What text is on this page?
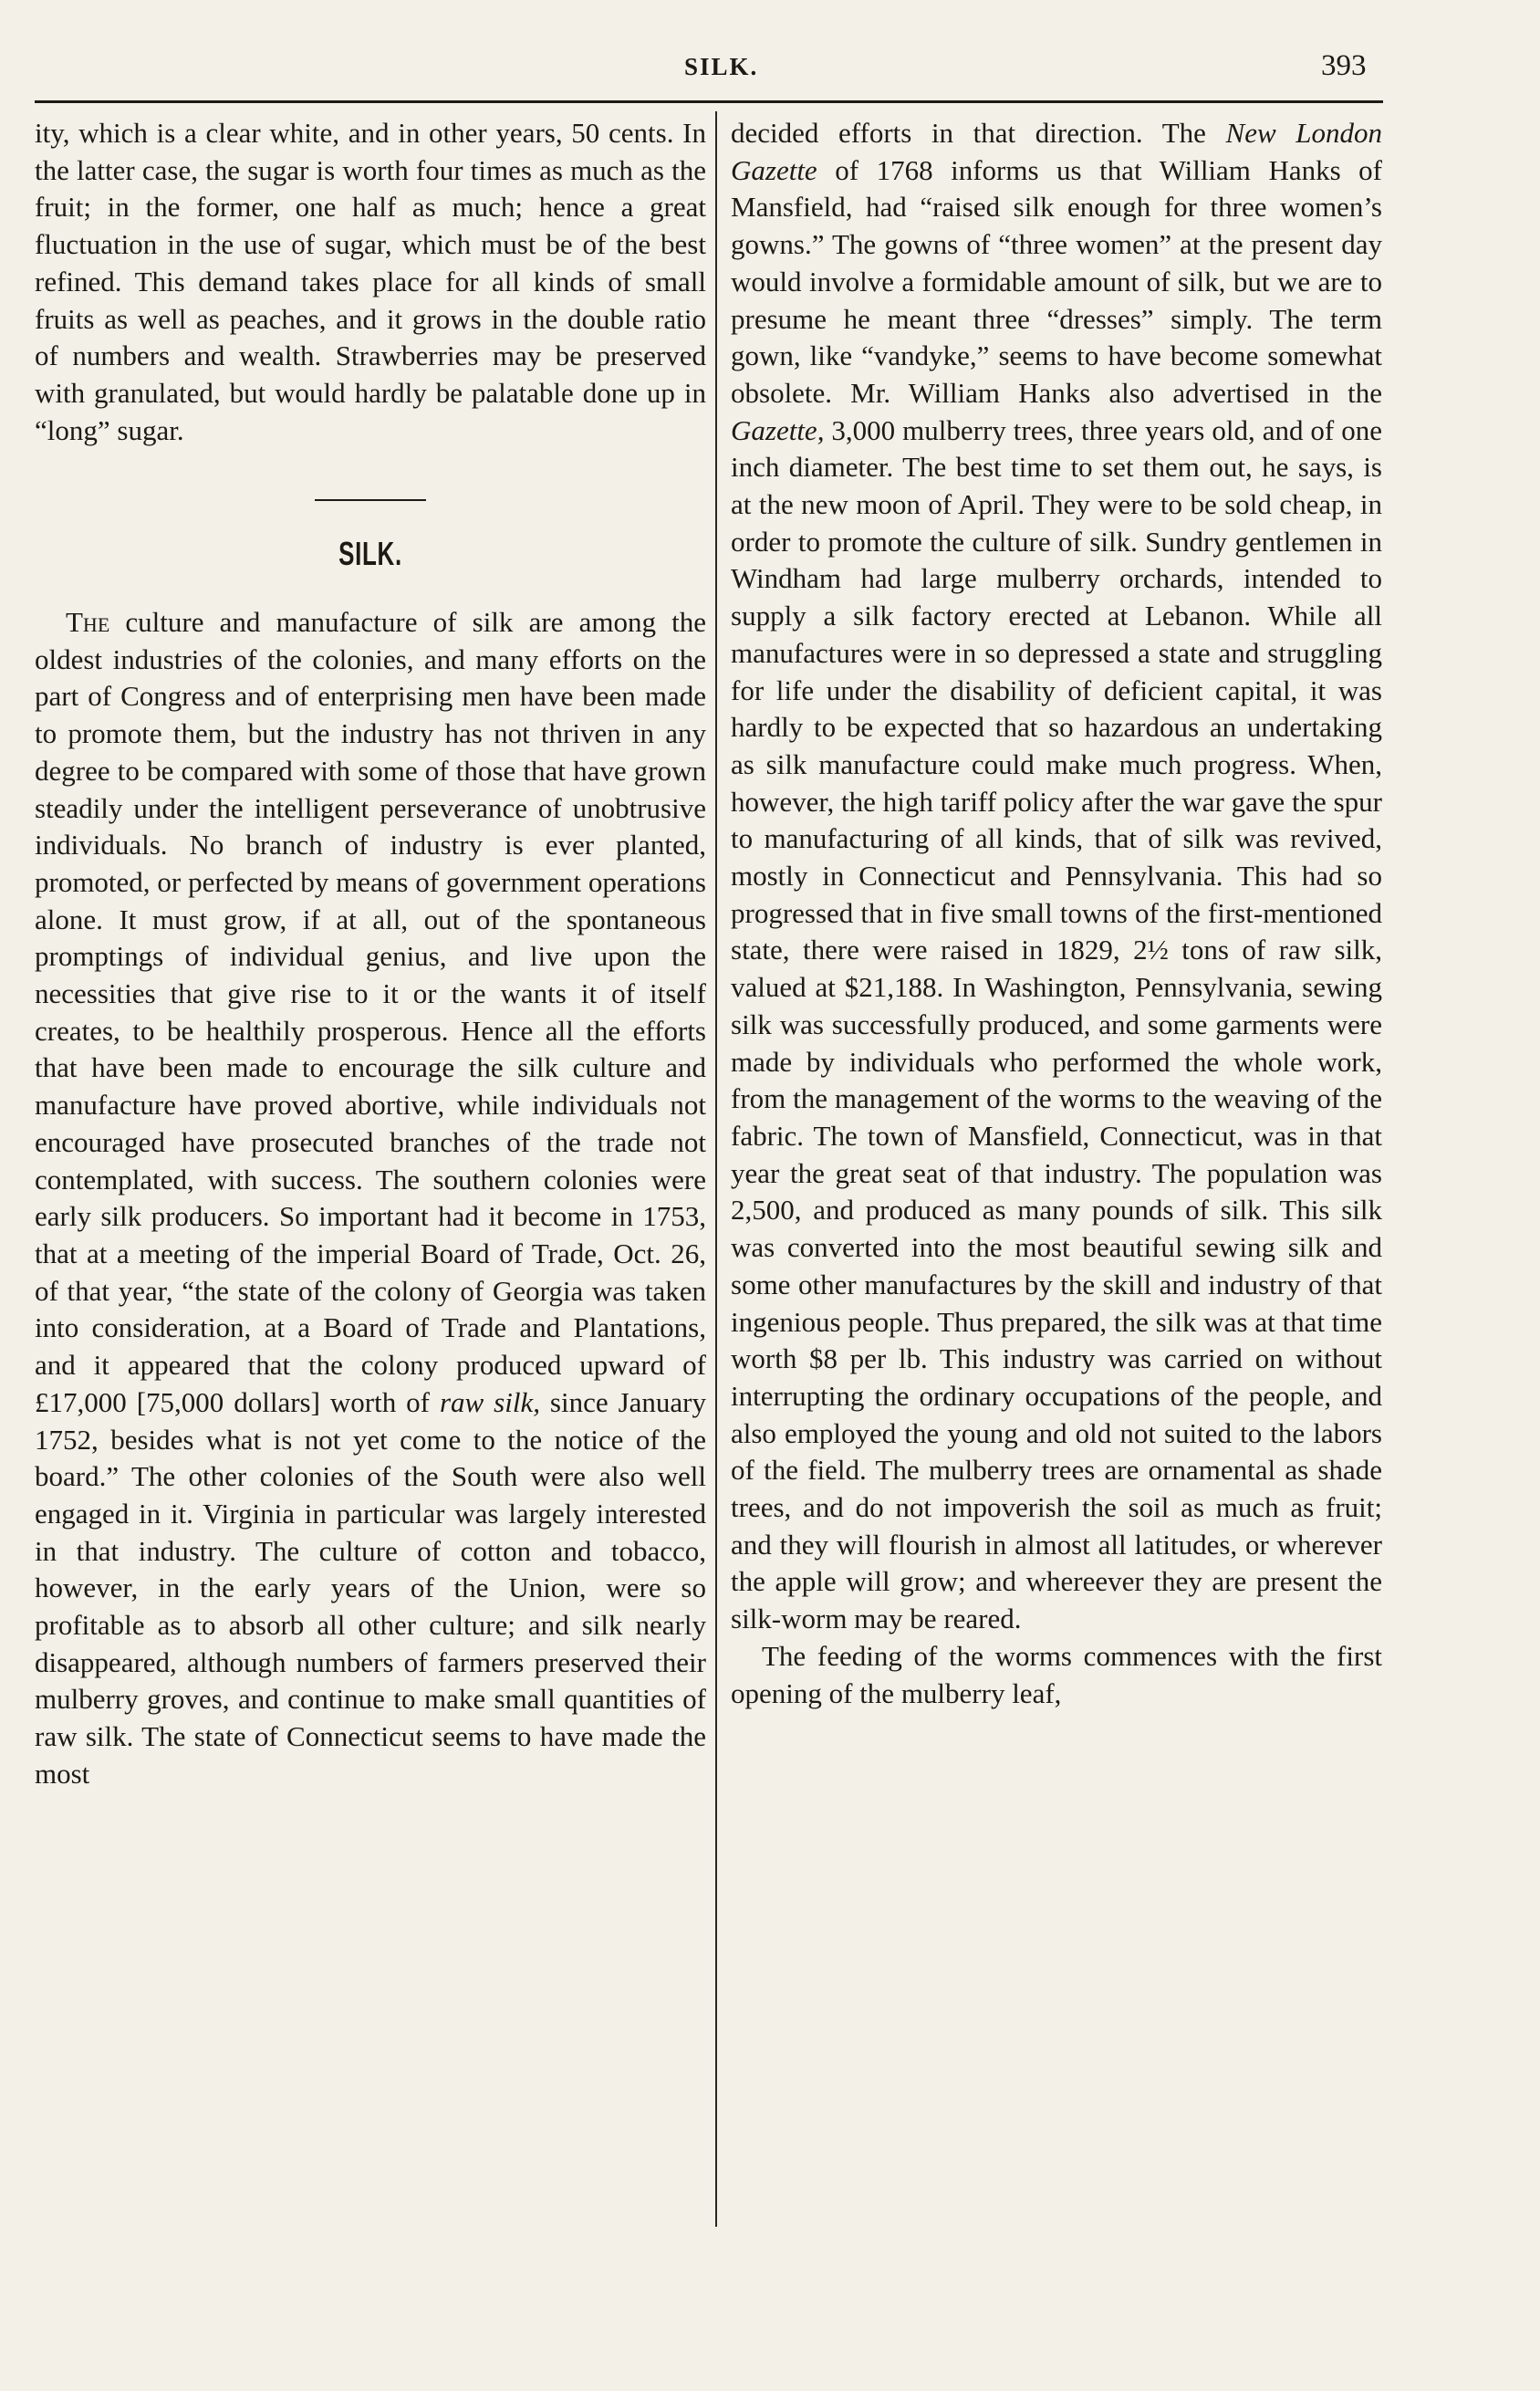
SILK.	393

ity, which is a clear white, and in other years, 50 cents. In the latter case, the sugar is worth four times as much as the fruit; in the former, one half as much; hence a great fluctuation in the use of sugar, which must be of the best refined. This demand takes place for all kinds of small fruits as well as peaches, and it grows in the double ratio of numbers and wealth. Strawberries may be preserved with granulated, but would hardly be palatable done up in “long” sugar.

SILK.

The culture and manufacture of silk are among the oldest industries of the colonies, and many efforts on the part of Congress and of enterprising men have been made to promote them, but the industry has not thriven in any degree to be compared with some of those that have grown steadily under the intelligent perseverance of unobtrusive individuals. No branch of industry is ever planted, promoted, or perfected by means of government operations alone. It must grow, if at all, out of the spontaneous promptings of individual genius, and live upon the necessities that give rise to it or the wants it of itself creates, to be healthily prosperous. Hence all the efforts that have been made to encourage the silk culture and manufacture have proved abortive, while individuals not encouraged have prosecuted branches of the trade not contemplated, with success. The southern colonies were early silk producers. So important had it become in 1753, that at a meeting of the imperial Board of Trade, Oct. 26, of that year, “the state of the colony of Georgia was taken into consideration, at a Board of Trade and Plantations, and it appeared that the colony produced upward of £17,000 [75,000 dollars] worth of raw silk, since January 1752, besides what is not yet come to the notice of the board.” The other colonies of the South were also well engaged in it. Virginia in particular was largely interested in that industry. The culture of cotton and tobacco, however, in the early years of the Union, were so profitable as to absorb all other culture; and silk nearly disappeared, although numbers of farmers preserved their mulberry groves, and continue to make small quantities of raw silk. The state of Connecticut seems to have made the most

decided efforts in that direction. The New London Gazette of 1768 informs us that William Hanks of Mansfield, had “raised silk enough for three women’s gowns.” The gowns of “three women” at the present day would involve a formidable amount of silk, but we are to presume he meant three “dresses” simply. The term gown, like “vandyke,” seems to have become somewhat obsolete. Mr. William Hanks also advertised in the Gazette, 3,000 mulberry trees, three years old, and of one inch diameter. The best time to set them out, he says, is at the new moon of April. They were to be sold cheap, in order to promote the culture of silk. Sundry gentlemen in Windham had large mulberry orchards, intended to supply a silk factory erected at Lebanon. While all manufactures were in so depressed a state and struggling for life under the disability of deficient capital, it was hardly to be expected that so hazardous an undertaking as silk manufacture could make much progress. When, however, the high tariff policy after the war gave the spur to manufacturing of all kinds, that of silk was revived, mostly in Connecticut and Pennsylvania. This had so progressed that in five small towns of the first-mentioned state, there were raised in 1829, 2½ tons of raw silk, valued at $21,188. In Washington, Pennsylvania, sewing silk was successfully produced, and some garments were made by individuals who performed the whole work, from the management of the worms to the weaving of the fabric. The town of Mansfield, Connecticut, was in that year the great seat of that industry. The population was 2,500, and produced as many pounds of silk. This silk was converted into the most beautiful sewing silk and some other manufactures by the skill and industry of that ingenious people. Thus prepared, the silk was at that time worth $8 per lb. This industry was carried on without interrupting the ordinary occupations of the people, and also employed the young and old not suited to the labors of the field. The mulberry trees are ornamental as shade trees, and do not impoverish the soil as much as fruit; and they will flourish in almost all latitudes, or wherever the apple will grow; and whereever they are present the silk-worm may be reared.

The feeding of the worms commences with the first opening of the mulberry leaf,
